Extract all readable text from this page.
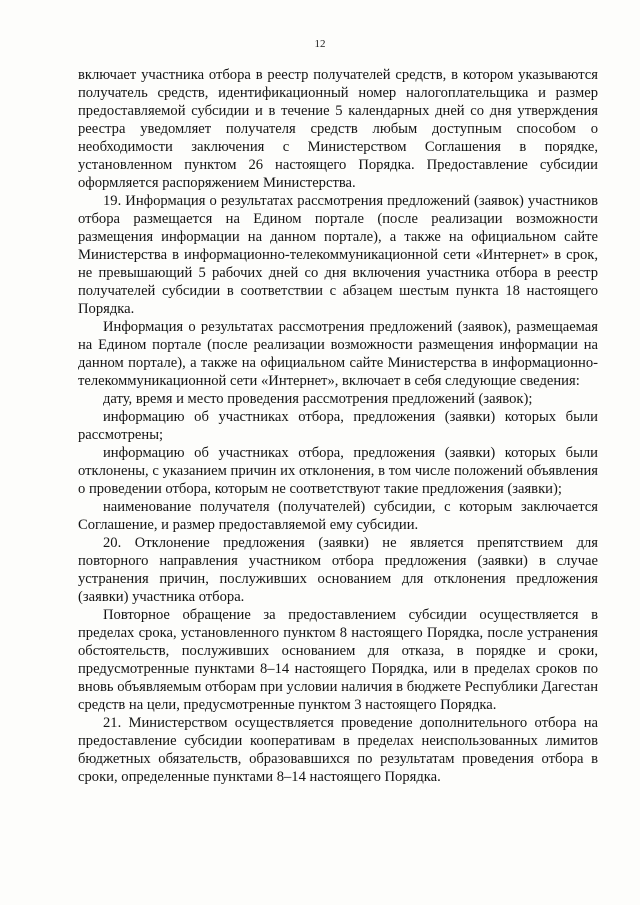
12

включает участника отбора в реестр получателей средств, в котором указываются получатель средств, идентификационный номер налогоплательщика и размер предоставляемой субсидии и в течение 5 календарных дней со дня утверждения реестра уведомляет получателя средств любым доступным способом о необходимости заключения с Министерством Соглашения в порядке, установленном пунктом 26 настоящего Порядка. Предоставление субсидии оформляется распоряжением Министерства.

19. Информация о результатах рассмотрения предложений (заявок) участников отбора размещается на Едином портале (после реализации возможности размещения информации на данном портале), а также на официальном сайте Министерства в информационно-телекоммуникационной сети «Интернет» в срок, не превышающий 5 рабочих дней со дня включения участника отбора в реестр получателей субсидии в соответствии с абзацем шестым пункта 18 настоящего Порядка.

Информация о результатах рассмотрения предложений (заявок), размещаемая на Едином портале (после реализации возможности размещения информации на данном портале), а также на официальном сайте Министерства в информационно-телекоммуникационной сети «Интернет», включает в себя следующие сведения:

дату, время и место проведения рассмотрения предложений (заявок);

информацию об участниках отбора, предложения (заявки) которых были рассмотрены;

информацию об участниках отбора, предложения (заявки) которых были отклонены, с указанием причин их отклонения, в том числе положений объявления о проведении отбора, которым не соответствуют такие предложения (заявки);

наименование получателя (получателей) субсидии, с которым заключается Соглашение, и размер предоставляемой ему субсидии.

20. Отклонение предложения (заявки) не является препятствием для повторного направления участником отбора предложения (заявки) в случае устранения причин, послуживших основанием для отклонения предложения (заявки) участника отбора.

Повторное обращение за предоставлением субсидии осуществляется в пределах срока, установленного пунктом 8 настоящего Порядка, после устранения обстоятельств, послуживших основанием для отказа, в порядке и сроки, предусмотренные пунктами 8–14 настоящего Порядка, или в пределах сроков по вновь объявляемым отборам при условии наличия в бюджете Республики Дагестан средств на цели, предусмотренные пунктом 3 настоящего Порядка.

21. Министерством осуществляется проведение дополнительного отбора на предоставление субсидии кооперативам в пределах неиспользованных лимитов бюджетных обязательств, образовавшихся по результатам проведения отбора в сроки, определенные пунктами 8–14 настоящего Порядка.
